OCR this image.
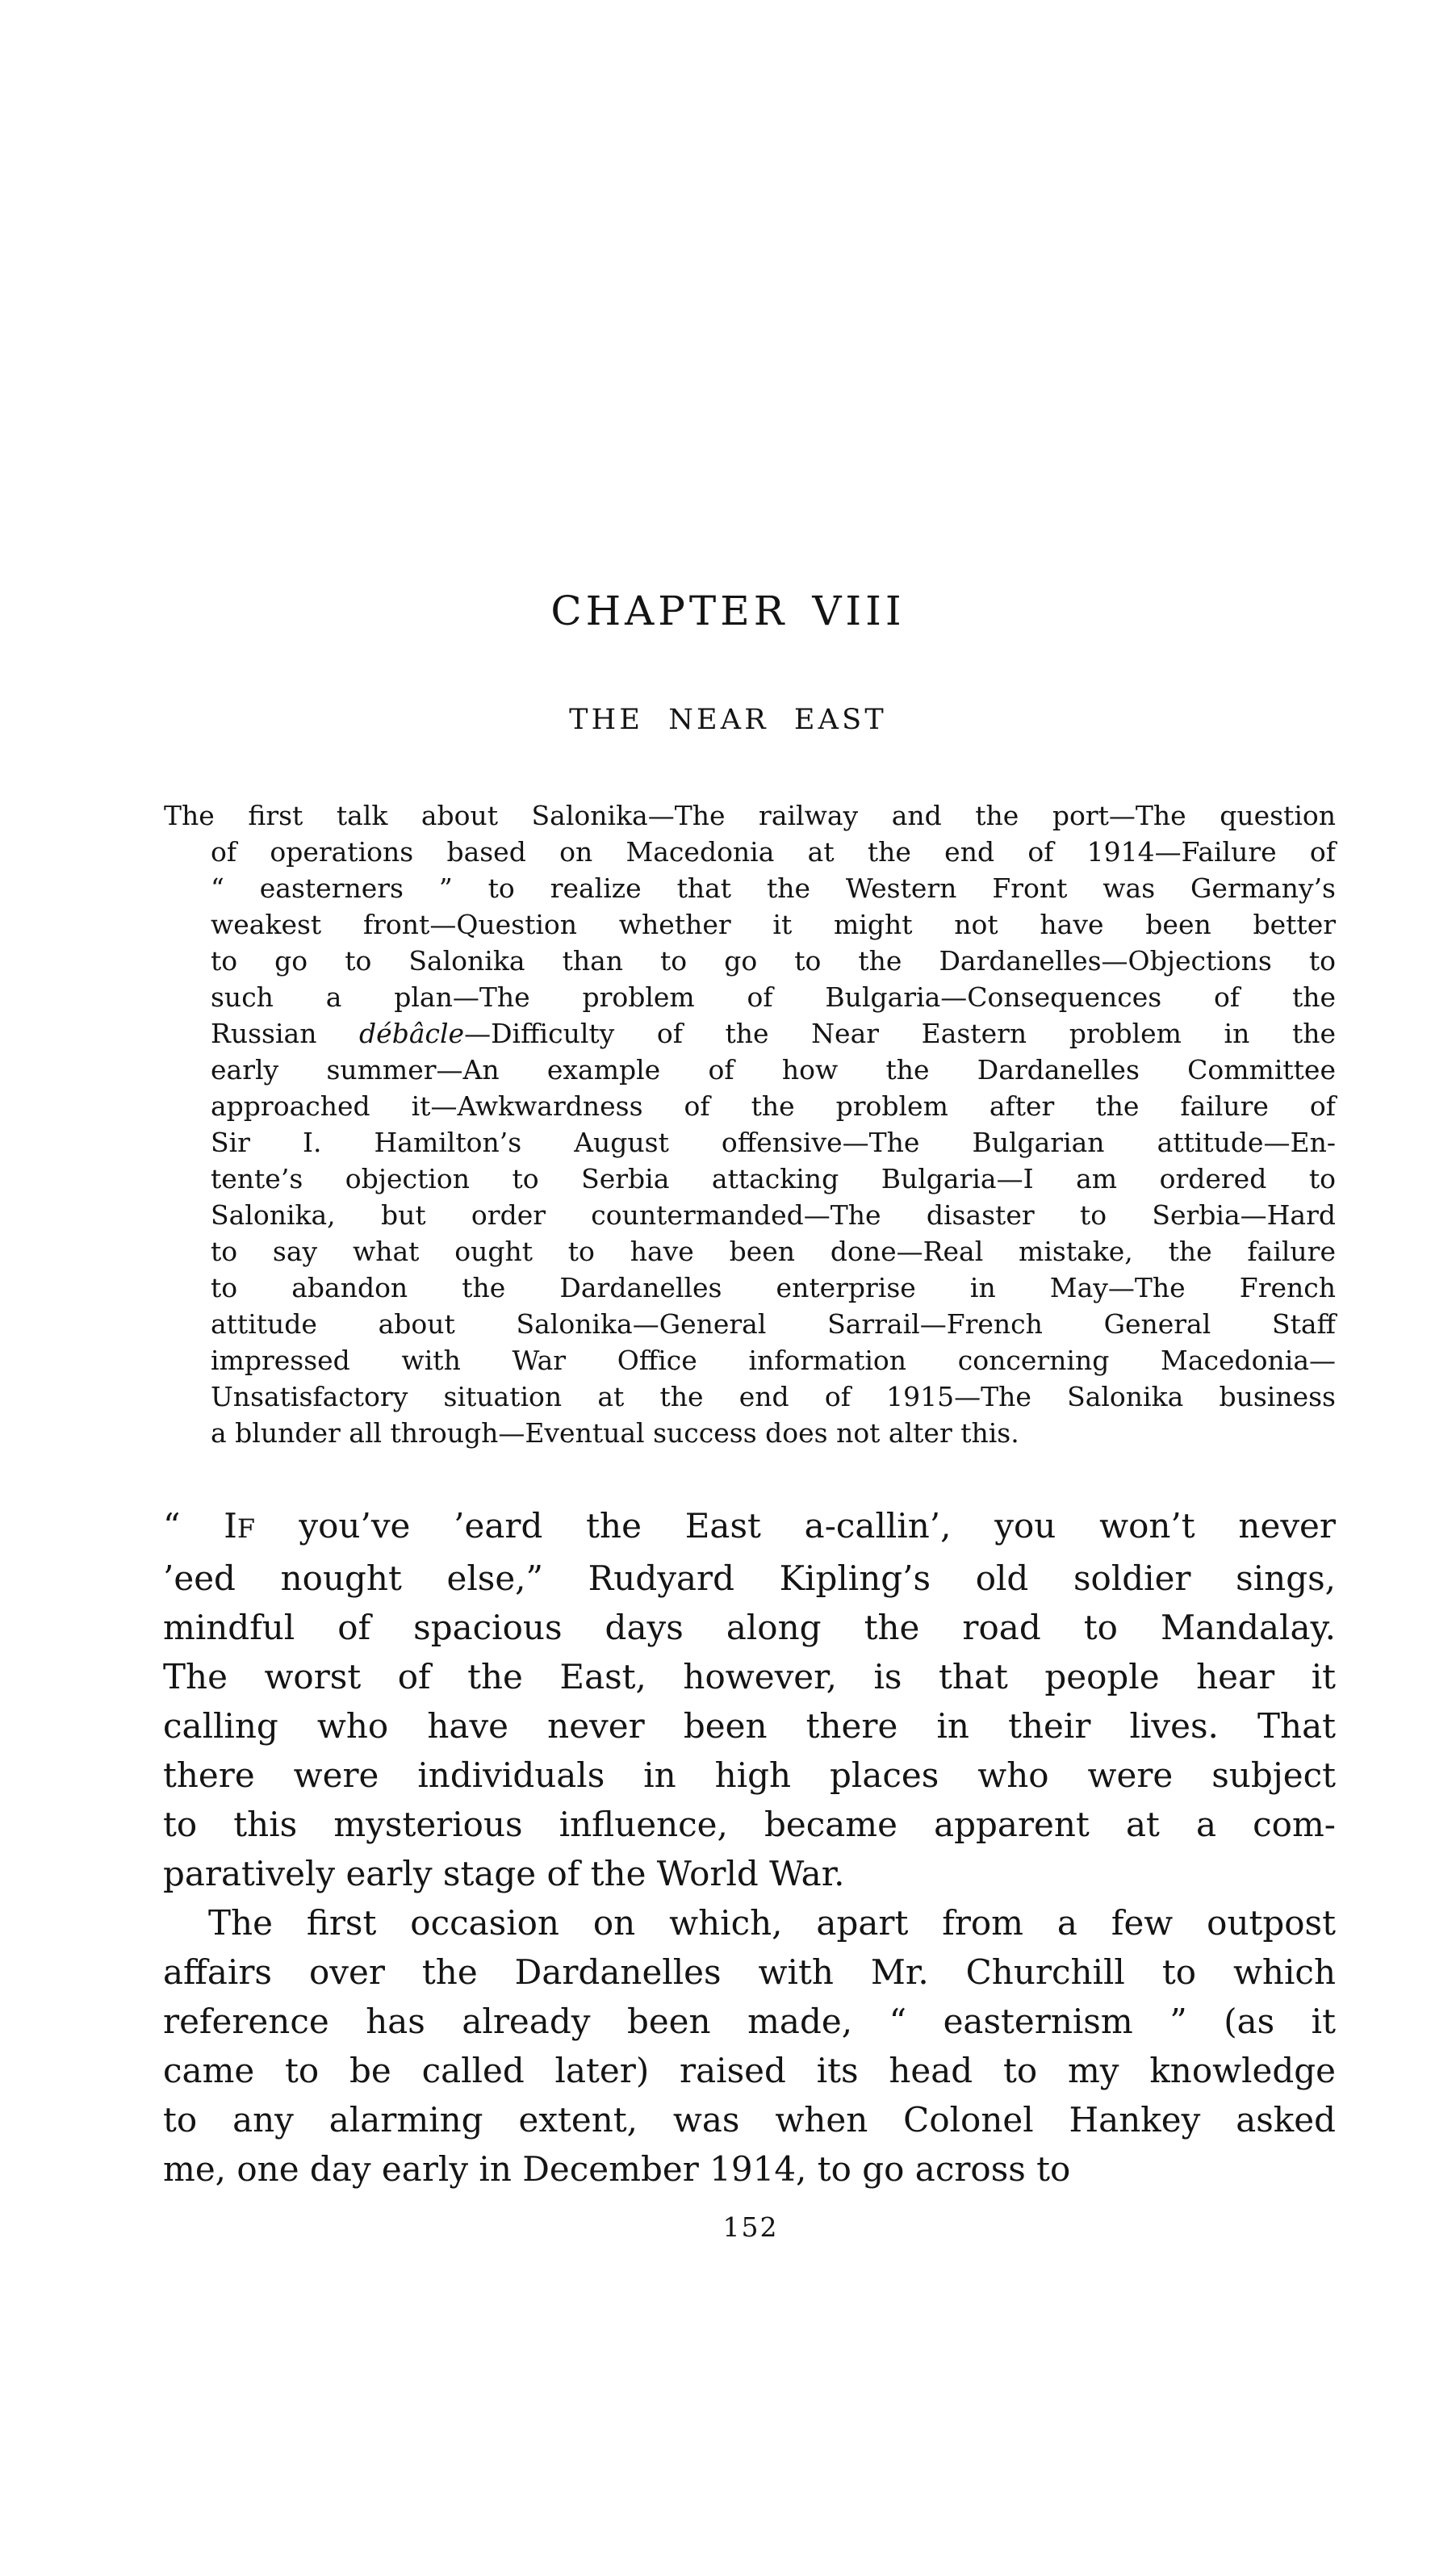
CHAPTER VIII
THE NEAR EAST
The first talk about Salonika—The railway and the port—The question
of operations based on Macedonia at the end of 1914—Failure of
“ easterners ” to realize that the Western Front was Germany’s
weakest front—Question whether it might not have been better
to go to Salonika than to go to the Dardanelles—Objections to
such a plan—The problem of Bulgaria—Consequences of the
Russian débâcle—Difficulty of the Near Eastern problem in the
early summer—An example of how the Dardanelles Committee
approached it—Awkwardness of the problem after the failure of
Sir I. Hamilton’s August offensive—The Bulgarian attitude—En-
tente’s objection to Serbia attacking Bulgaria—I am ordered to
Salonika, but order countermanded—The disaster to Serbia—Hard
to say what ought to have been done—Real mistake, the failure
to abandon the Dardanelles enterprise in May—The French
attitude about Salonika—General Sarrail—French General Staff
impressed with War Office information concerning Macedonia—
Unsatisfactory situation at the end of 1915—The Salonika business
a blunder all through—Eventual success does not alter this.
“ IF you’ve ’eard the East a-callin’, you won’t never
’eed nought else,” Rudyard Kipling’s old soldier sings,
mindful of spacious days along the road to Mandalay.
The worst of the East, however, is that people hear it
calling who have never been there in their lives. That
there were individuals in high places who were subject
to this mysterious influence, became apparent at a com-
paratively early stage of the World War.
The first occasion on which, apart from a few outpost
affairs over the Dardanelles with Mr. Churchill to which
reference has already been made, “ easternism ” (as it
came to be called later) raised its head to my knowledge
to any alarming extent, was when Colonel Hankey asked
me, one day early in December 1914, to go across to
152
